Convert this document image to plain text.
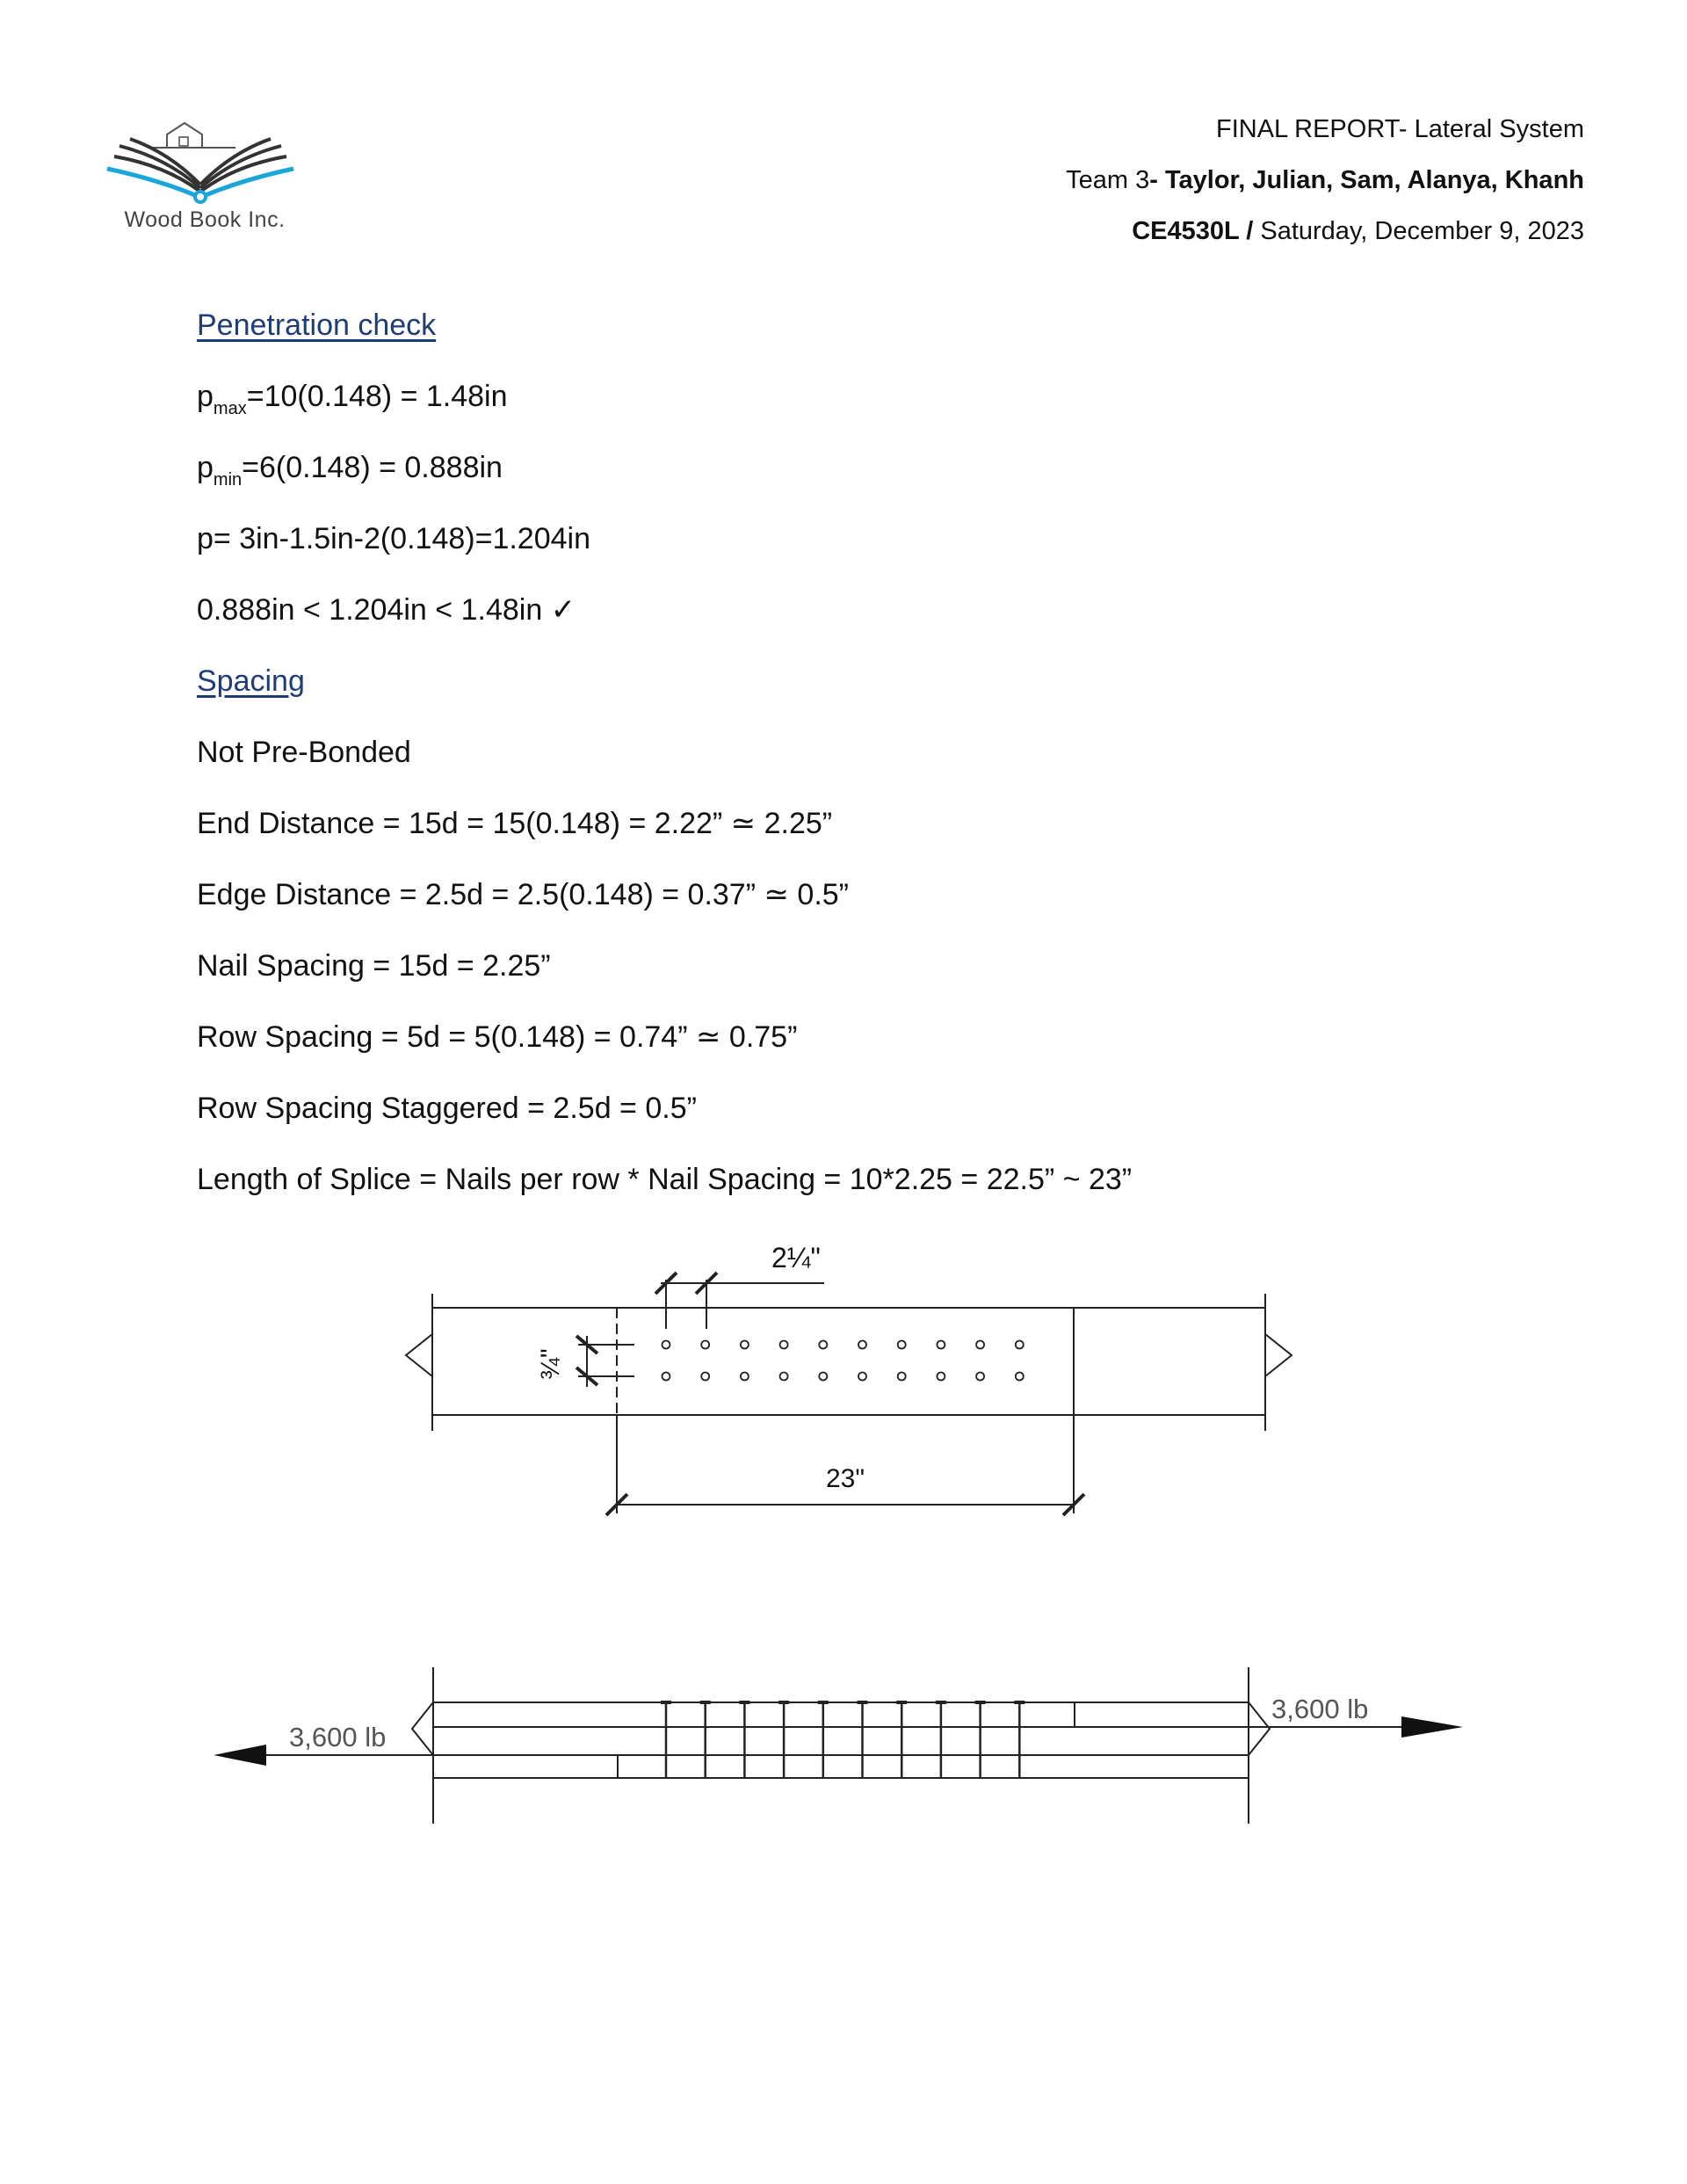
Wood Book Inc.
FINAL REPORT- Lateral System
Team 3- Taylor, Julian, Sam, Alanya, Khanh
CE4530L / Saturday, December 9, 2023
Penetration check
$p_{max}=10(0.148) = 1.48in$
$p_{min}=6(0.148) = 0.888in$
p= 3in-1.5in-2(0.148)=1.204in
0.888in < 1.204in < 1.48in ✓
Spacing
Not Pre-Bonded
End Distance = 15d = 15(0.148) = 2.22” ≃ 2.25”
Edge Distance = 2.5d = 2.5(0.148) = 0.37” ≃ 0.5”
Nail Spacing = 15d = 2.25”
Row Spacing = 5d = 5(0.148) = 0.74” ≃ 0.75”
Row Spacing Staggered = 2.5d = 0.5”
Length of Splice = Nails per row * Nail Spacing = 10*2.25 = 22.5” ~ 23”
2¼"
¾"
23"
3,600 lb
3,600 lb
